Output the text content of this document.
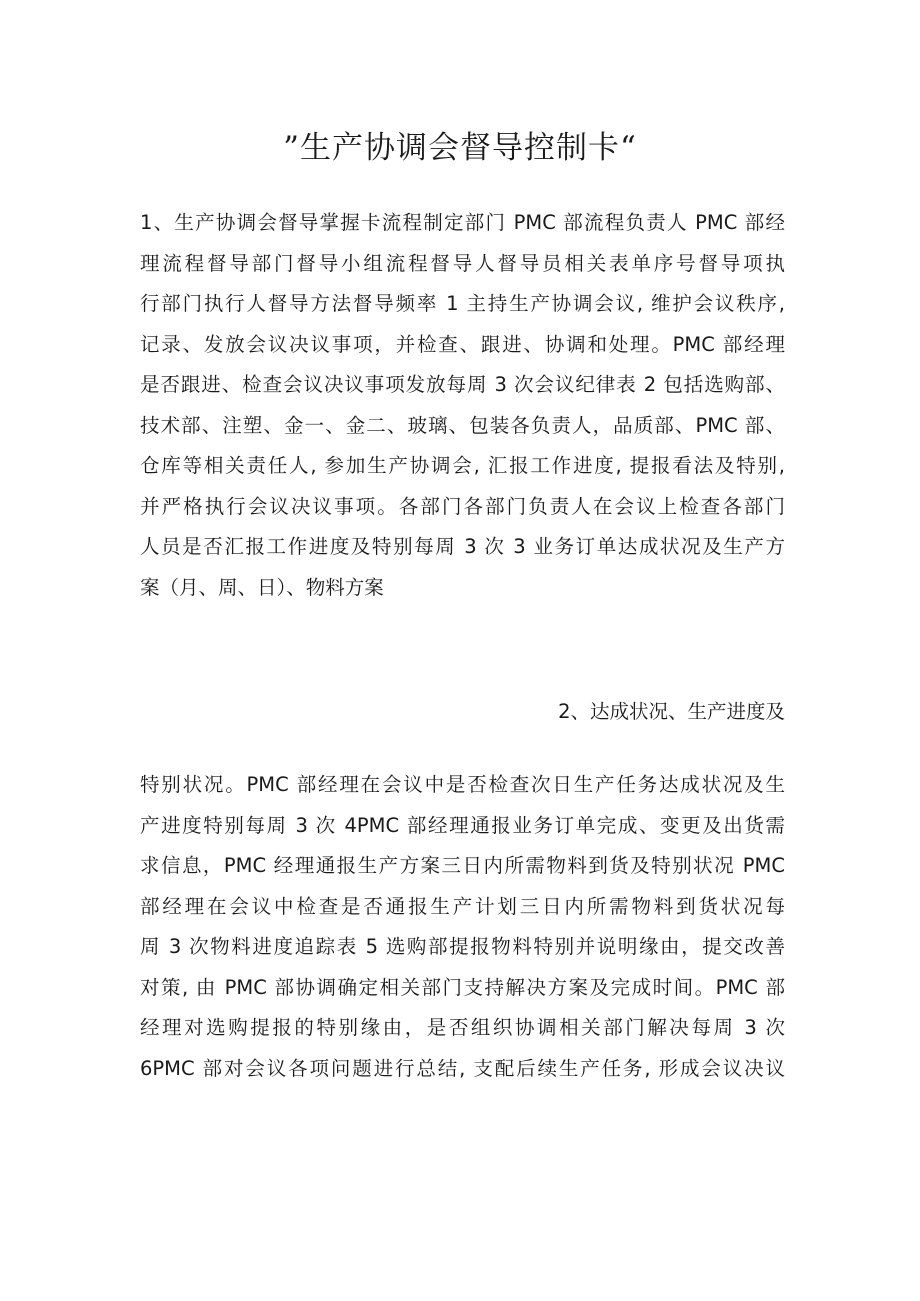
”生产协调会督导控制卡“
1、生产协调会督导掌握卡流程制定部门 PMC 部流程负责人 PMC 部经
理流程督导部门督导小组流程督导人督导员相关表单序号督导项执
行部门执行人督导方法督导频率 1 主持生产协调会议, 维护会议秩序,
记录、发放会议决议事项，并检查、跟进、协调和处理。PMC 部经理
是否跟进、检查会议决议事项发放每周 3 次会议纪律表 2 包括选购部、
技术部、注塑、金一、金二、玻璃、包装各负责人，品质部、PMC 部、
仓库等相关责任人, 参加生产协调会, 汇报工作进度, 提报看法及特别,
并严格执行会议决议事项。各部门各部门负责人在会议上检查各部门
人员是否汇报工作进度及特别每周 3 次 3 业务订单达成状况及生产方
案（月、周、日）、物料方案
2、达成状况、生产进度及
特别状况。PMC 部经理在会议中是否检查次日生产任务达成状况及生
产进度特别每周 3 次 4PMC 部经理通报业务订单完成、变更及出货需
求信息，PMC 经理通报生产方案三日内所需物料到货及特别状况 PMC
部经理在会议中检查是否通报生产计划三日内所需物料到货状况每
周 3 次物料进度追踪表 5 选购部提报物料特别并说明缘由，提交改善
对策, 由 PMC 部协调确定相关部门支持解决方案及完成时间。PMC 部
经理对选购提报的特别缘由，是否组织协调相关部门解决每周 3 次
6PMC 部对会议各项问题进行总结, 支配后续生产任务, 形成会议决议
